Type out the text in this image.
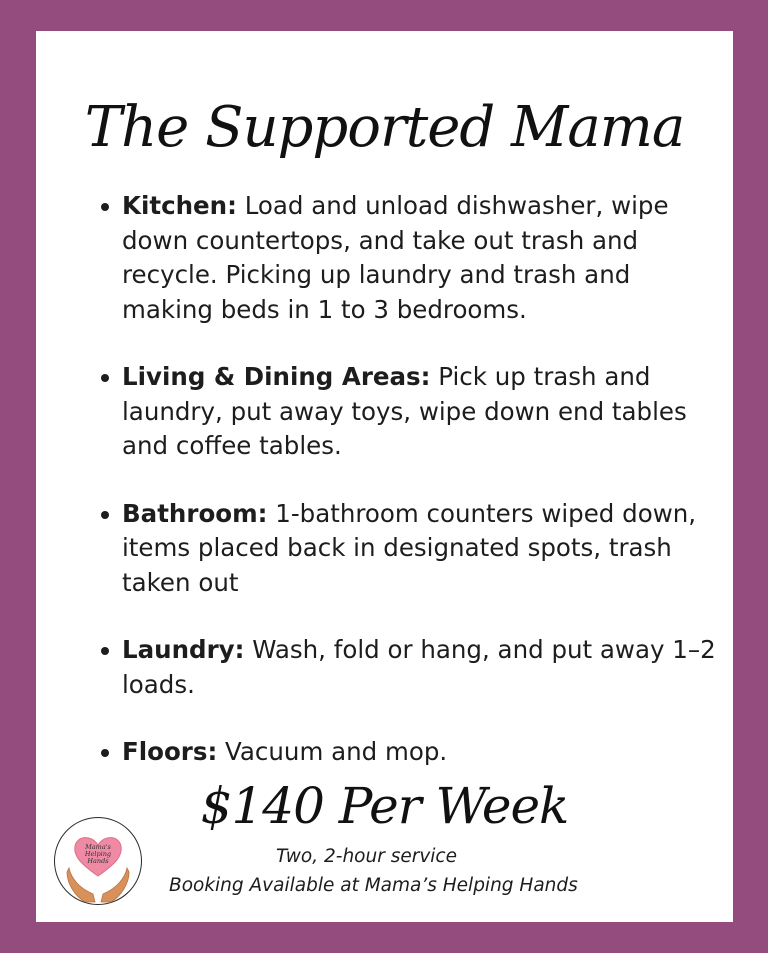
The Supported Mama
Kitchen: Load and unload dishwasher, wipe down countertops, and take out trash and recycle. Picking up laundry and trash and making beds in 1 to 3 bedrooms.
Living & Dining Areas: Pick up trash and laundry, put away toys, wipe down end tables and coffee tables.
Bathroom: 1-bathroom counters wiped down, items placed back in designated spots, trash taken out
Laundry: Wash, fold or hang, and put away 1–2 loads.
Floors: Vacuum and mop.
$140 Per Week
Two, 2-hour service
Booking Available at Mama’s Helping Hands
Mama's
Helping
Hands
